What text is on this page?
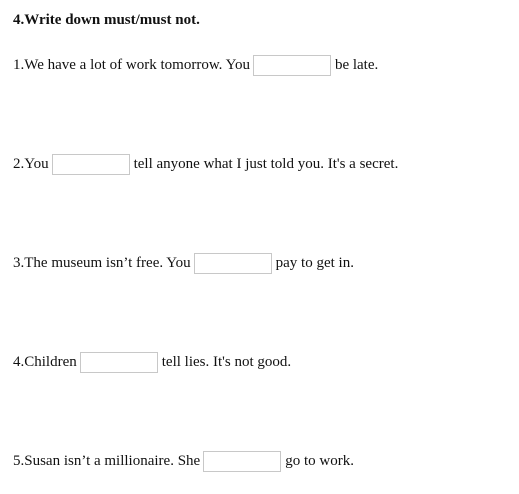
4.Write down must/must not.
1.We have a lot of work tomorrow. You	be late.
2.You	tell anyone what I just told you. It's a secret.
3.The museum isn’t free. You	pay to get in.
4.Children	tell lies. It's not good.
5.Susan isn’t a millionaire. She	go to work.
